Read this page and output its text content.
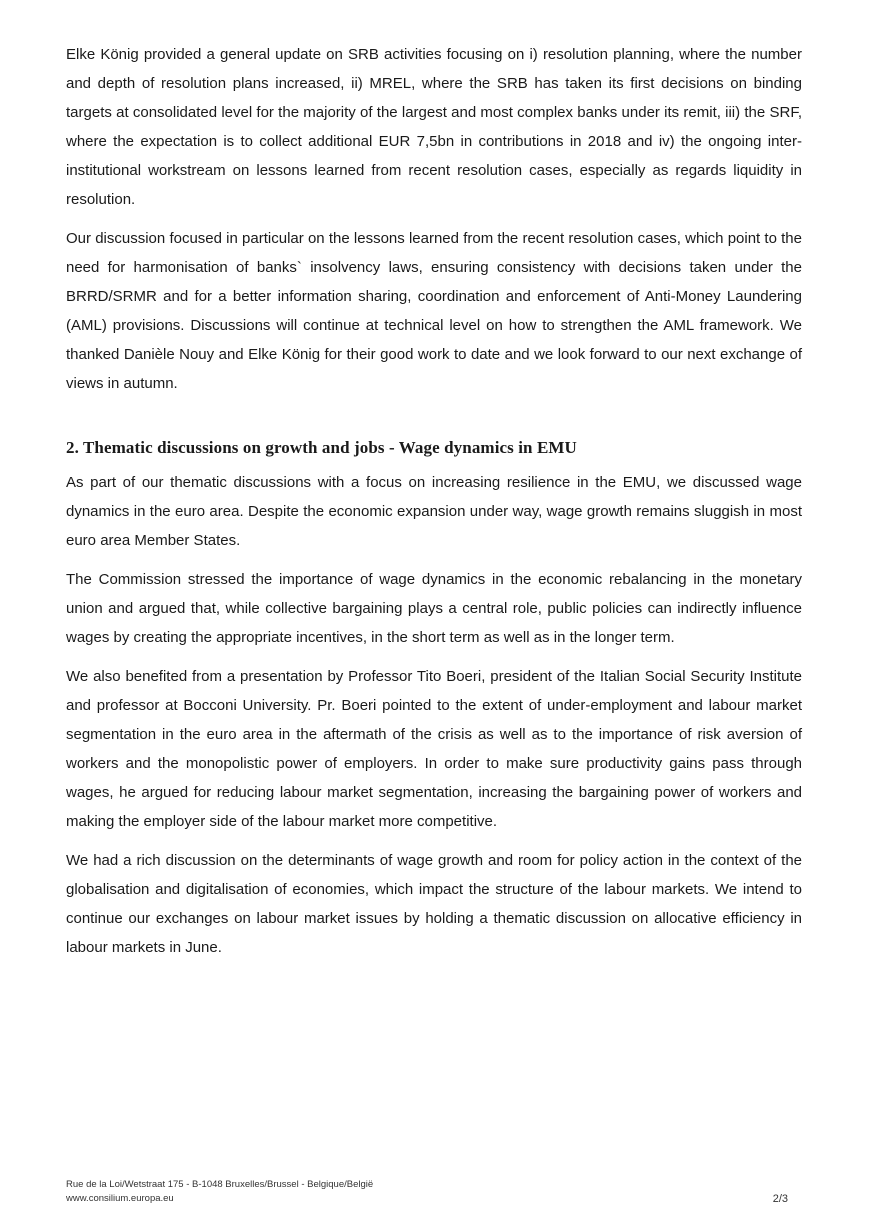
Elke König provided a general update on SRB activities focusing on i) resolution planning, where the number and depth of resolution plans increased, ii) MREL, where the SRB has taken its first decisions on binding targets at consolidated level for the majority of the largest and most complex banks under its remit, iii) the SRF, where the expectation is to collect additional EUR 7,5bn in contributions in 2018 and iv) the ongoing inter-institutional workstream on lessons learned from recent resolution cases, especially as regards liquidity in resolution.

Our discussion focused in particular on the lessons learned from the recent resolution cases, which point to the need for harmonisation of banks` insolvency laws, ensuring consistency with decisions taken under the BRRD/SRMR and for a better information sharing, coordination and enforcement of Anti-Money Laundering (AML) provisions. Discussions will continue at technical level on how to strengthen the AML framework. We thanked Danièle Nouy and Elke König for their good work to date and we look forward to our next exchange of views in autumn.

2. Thematic discussions on growth and jobs - Wage dynamics in EMU

As part of our thematic discussions with a focus on increasing resilience in the EMU, we discussed wage dynamics in the euro area. Despite the economic expansion under way, wage growth remains sluggish in most euro area Member States.

The Commission stressed the importance of wage dynamics in the economic rebalancing in the monetary union and argued that, while collective bargaining plays a central role, public policies can indirectly influence wages by creating the appropriate incentives, in the short term as well as in the longer term.

We also benefited from a presentation by Professor Tito Boeri, president of the Italian Social Security Institute and professor at Bocconi University. Pr. Boeri pointed to the extent of under-employment and labour market segmentation in the euro area in the aftermath of the crisis as well as to the importance of risk aversion of workers and the monopolistic power of employers. In order to make sure productivity gains pass through wages, he argued for reducing labour market segmentation, increasing the bargaining power of workers and making the employer side of the labour market more competitive.

We had a rich discussion on the determinants of wage growth and room for policy action in the context of the globalisation and digitalisation of economies, which impact the structure of the labour markets. We intend to continue our exchanges on labour market issues by holding a thematic discussion on allocative efficiency in labour markets in June.

Rue de la Loi/Wetstraat 175 - B-1048 Bruxelles/Brussel - Belgique/België
www.consilium.europa.eu	2/3
